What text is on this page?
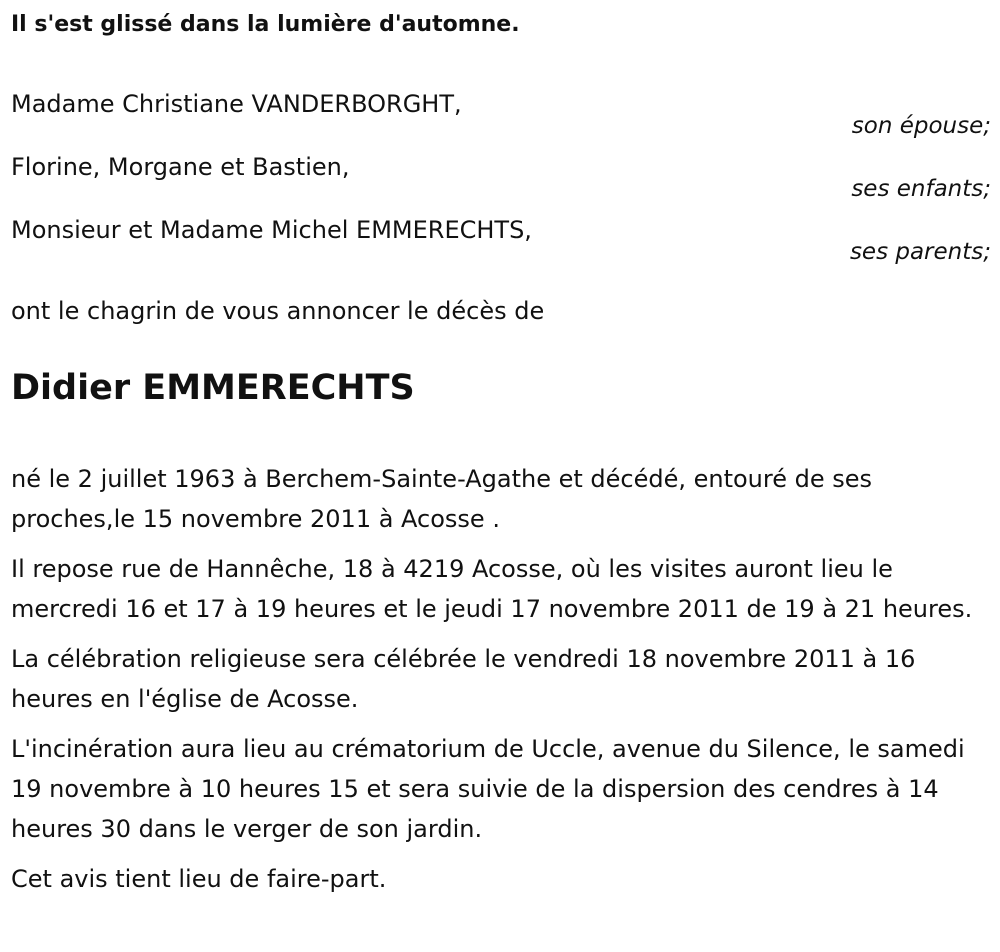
Il s'est glissé dans la lumière d'automne.

Madame Christiane VANDERBORGHT,
son épouse;
Florine, Morgane et Bastien,
ses enfants;
Monsieur et Madame Michel EMMERECHTS,
ses parents;
ont le chagrin de vous annoncer le décès de
Didier EMMERECHTS

né le 2 juillet 1963 à Berchem-Sainte-Agathe et décédé, entouré de ses proches,le 15 novembre 2011 à Acosse .

Il repose rue de Hannêche, 18 à 4219 Acosse, où les visites auront lieu le mercredi 16 et 17 à 19 heures et le jeudi 17 novembre 2011 de 19 à 21 heures.

La célébration religieuse sera célébrée le vendredi 18 novembre 2011 à 16 heures en l'église de Acosse.

L'incinération aura lieu au crématorium de Uccle, avenue du Silence, le samedi 19 novembre à 10 heures 15 et sera suivie de la dispersion des cendres à 14 heures 30 dans le verger de son jardin.

Cet avis tient lieu de faire-part.
